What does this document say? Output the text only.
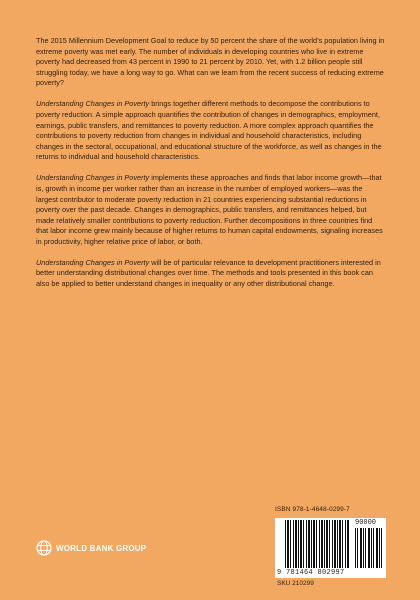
The 2015 Millennium Development Goal to reduce by 50 percent the share of the world’s population living in extreme poverty was met early. The number of individuals in developing countries who live in extreme poverty had decreased from 43 percent in 1990 to 21 percent by 2010. Yet, with 1.2 billion people still struggling today, we have a long way to go. What can we learn from the recent success of reducing extreme poverty?

Understanding Changes in Poverty brings together different methods to decompose the contributions to poverty reduction. A simple approach quantifies the contribution of changes in demographics, employment, earnings, public transfers, and remittances to poverty reduction. A more complex approach quantifies the contributions to poverty reduction from changes in individual and household characteristics, including changes in the sectoral, occupational, and educational structure of the workforce, as well as changes in the returns to individual and household characteristics.

Understanding Changes in Poverty implements these approaches and finds that labor income growth—that is, growth in income per worker rather than an increase in the number of employed workers—was the largest contributor to moderate poverty reduction in 21 countries experiencing substantial reductions in poverty over the past decade. Changes in demographics, public transfers, and remittances helped, but made relatively smaller contributions to poverty reduction. Further decompositions in three countries find that labor income grew mainly because of higher returns to human capital endowments, signaling increases in productivity, higher relative price of labor, or both.

Understanding Changes in Poverty will be of particular relevance to development practitioners interested in better understanding distributional changes over time. The methods and tools presented in this book can also be applied to better understand changes in inequality or any other distributional change.

ISBN 978-1-4648-0299-7
90000
9 781464 802997
SKU 210299
WORLD BANK GROUP
